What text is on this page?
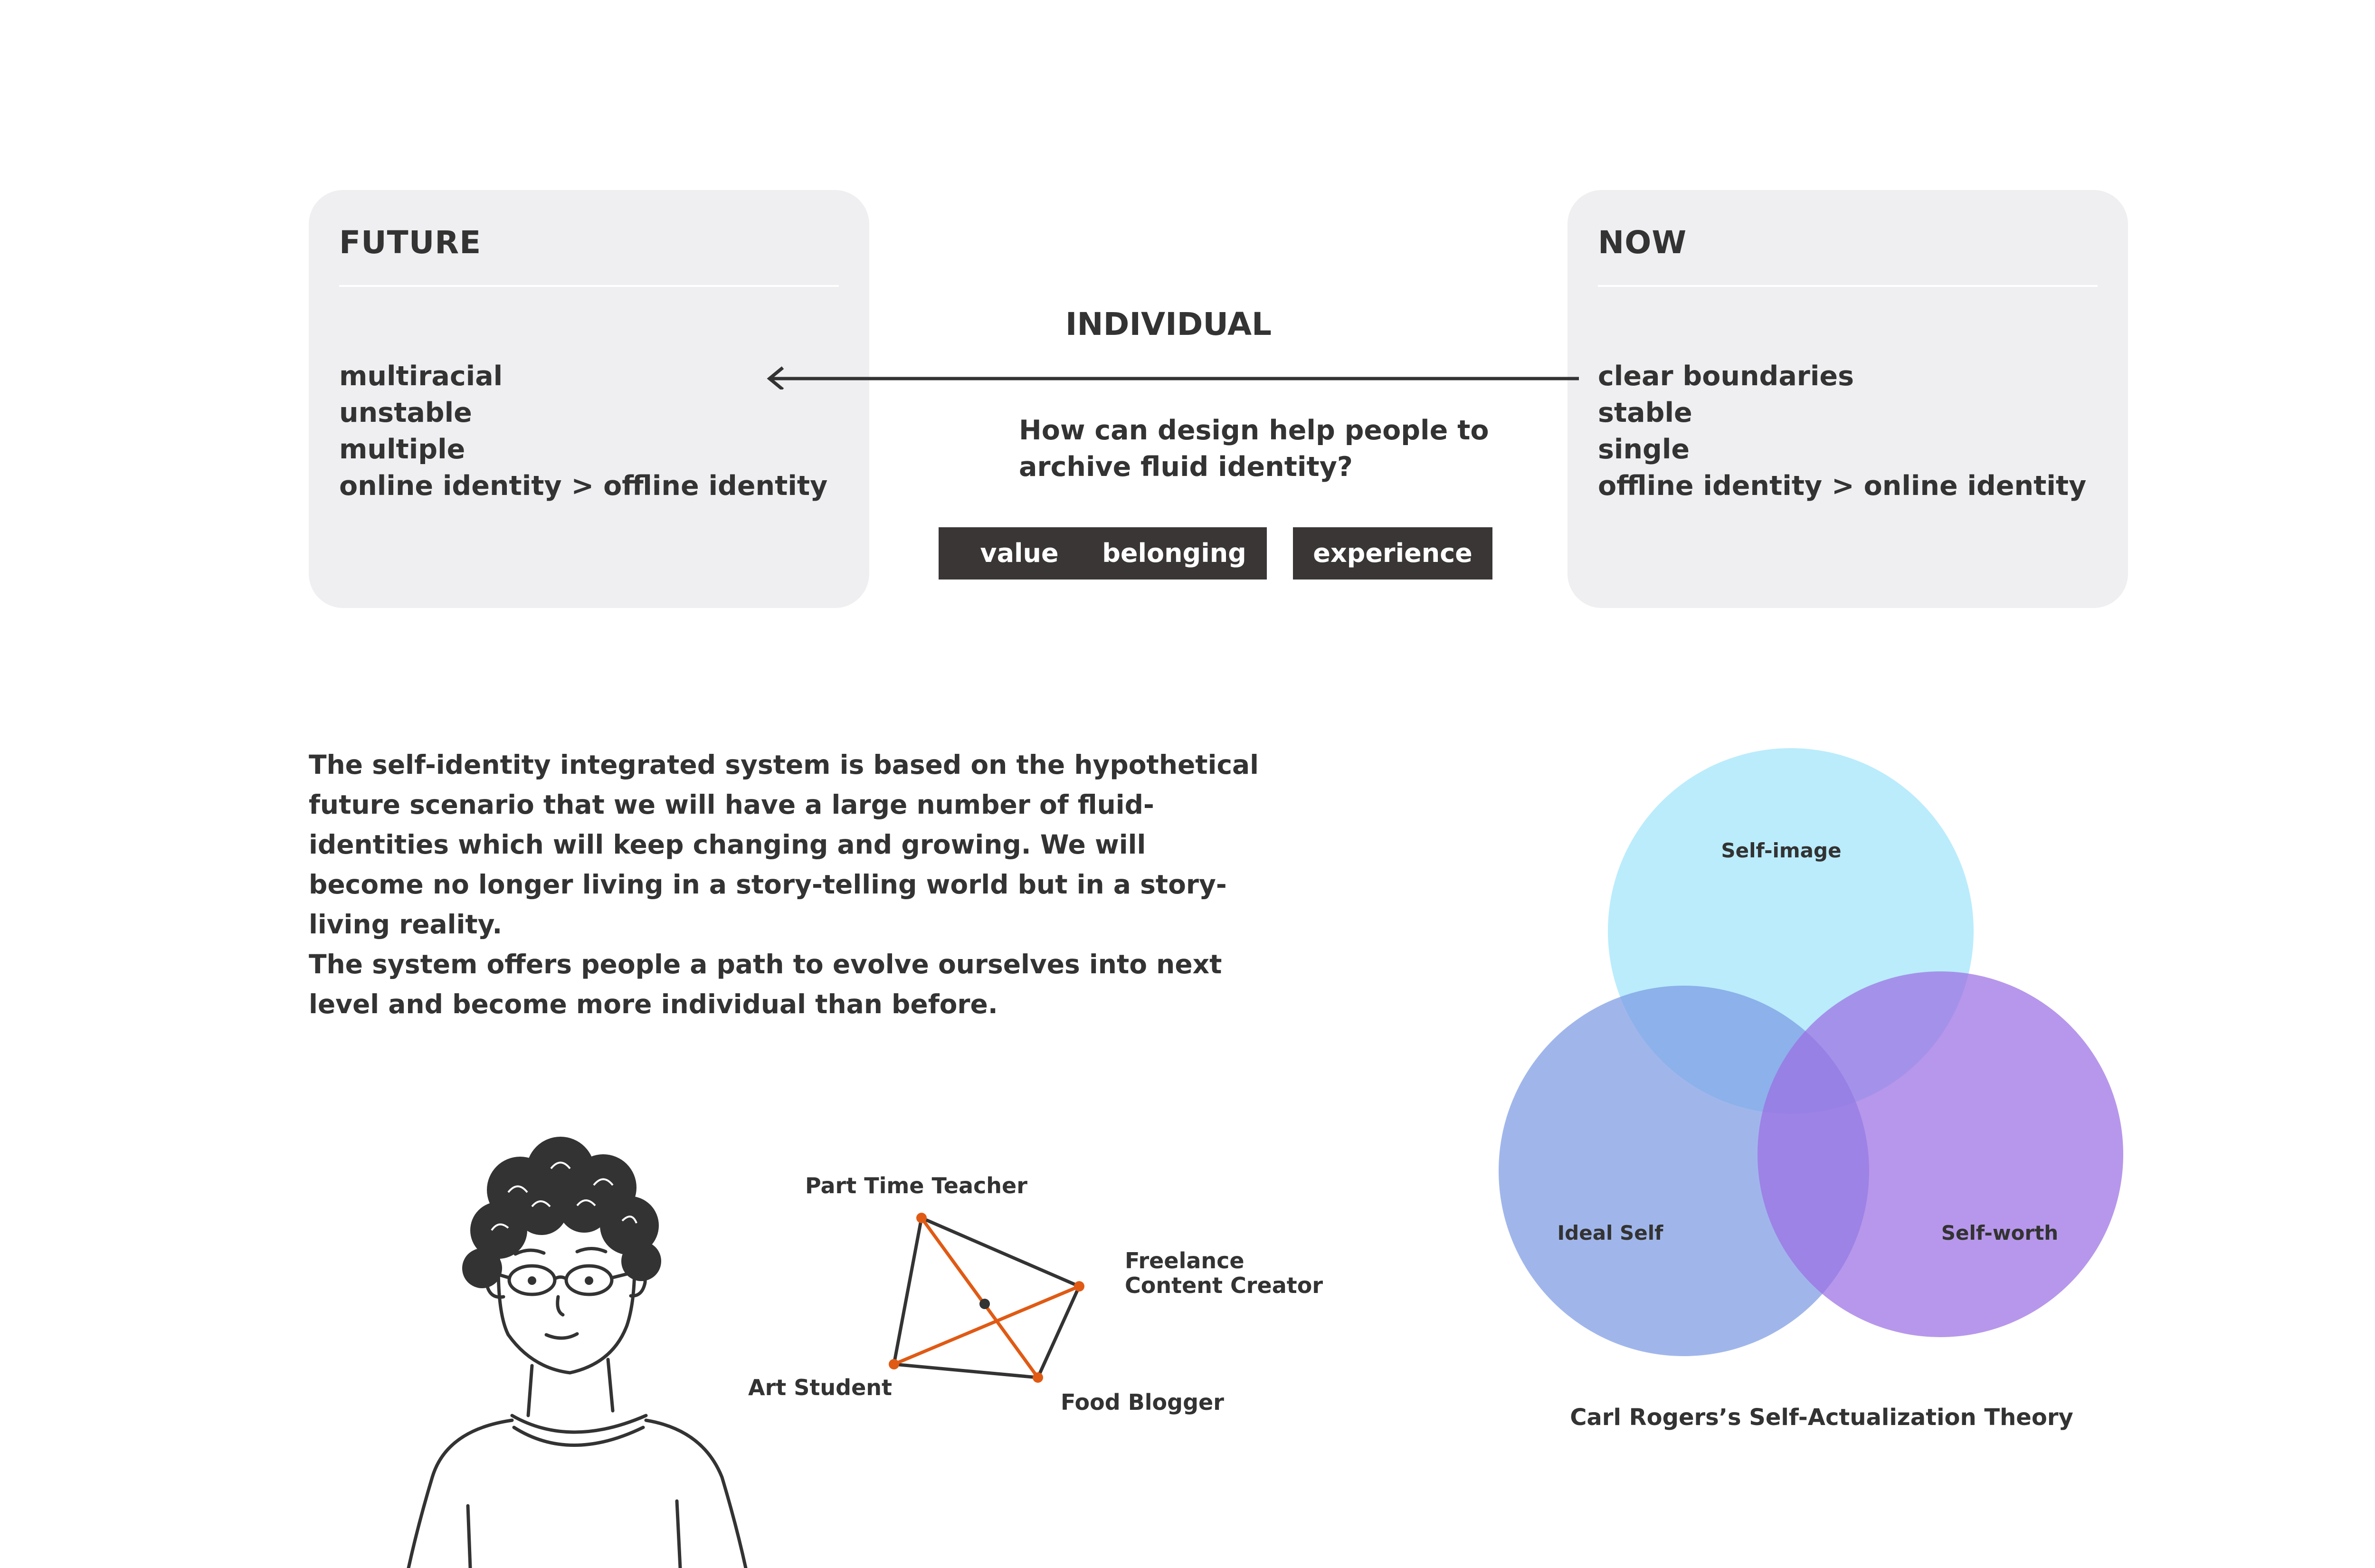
FUTURE
multiracial
unstable
multiple
online identity > offline identity
NOW
clear boundaries
stable
single
offline identity > online identity
INDIVIDUAL
How can design help people to
archive fluid identity?
value	belonging	experience

The self-identity integrated system is based on the hypothetical future scenario that we will have a large number of fluid-identities which will keep changing and growing. We will become no longer living in a story-telling world but in a story-living reality.

The system offers people a path to evolve ourselves into next level and become more individual than before.

Part Time Teacher
Freelance
Content Creator
Food Blogger
Art Student
Self-image
Ideal Self	Self-worth
Carl Rogers’s Self-Actualization Theory
